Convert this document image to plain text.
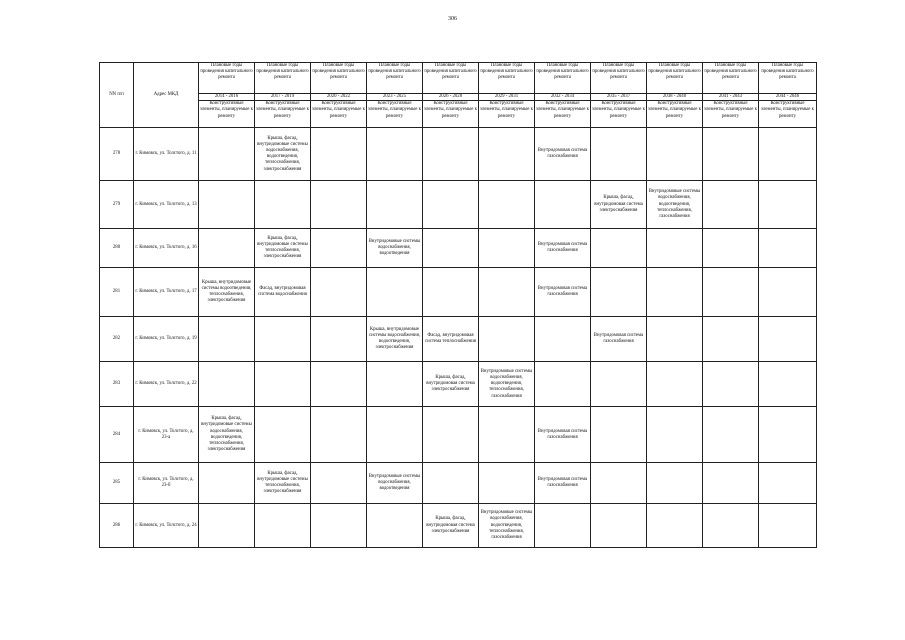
306
NN п/п	Адрес МКД	Плановые годы проведения капитального ремонта	Плановые годы проведения капитального ремонта	Плановые годы проведения капитального ремонта	Плановые годы проведения капитального ремонта	Плановые годы проведения капитального ремонта	Плановые годы проведения капитального ремонта	Плановые годы проведения капитального ремонта	Плановые годы проведения капитального ремонта	Плановые годы проведения капитального ремонта	Плановые годы проведения капитального ремонта	Плановые годы проведения капитального ремонта
		2014 - 2016	2017 - 2019	2020 - 2022	2023 - 2025	2026 - 2028	2029 - 2031	2032 - 2034	2035 - 2037	2038 - 2040	2041 - 2043	2044 - 2046
		Конструктивные элементы, планируемые к ремонту	Конструктивные элементы, планируемые к ремонту	Конструктивные элементы, планируемые к ремонту	Конструктивные элементы, планируемые к ремонту	Конструктивные элементы, планируемые к ремонту	Конструктивные элементы, планируемые к ремонту	Конструктивные элементы, планируемые к ремонту	Конструктивные элементы, планируемые к ремонту	Конструктивные элементы, планируемые к ремонту	Конструктивные элементы, планируемые к ремонту	Конструктивные элементы, планируемые к ремонту
278	г. Кимовск, ул. Толстого, д. 11		Крыша, фасад, внутридомовые системы водоснабжения, водоотведения, теплоснабжения, электроснабжения					Внутридомовая система газоснабжения				
279	г. Кимовск, ул. Толстого, д. 13								Крыша, фасад, внутридомовая система электроснабжения	Внутридомовые системы водоснабжения, водоотведения, теплоснабжения, газоснабжения		
280	г. Кимовск, ул. Толстого, д. 16		Крыша, фасад, внутридомовые системы теплоснабжения, электроснабжения		Внутридомовые системы водоснабжения, водоотведения			Внутридомовая система газоснабжения				
281	г. Кимовск, ул. Толстого, д. 17	Крыша, внутридомовые системы водоотведения, теплоснабжения, электроснабжения	Фасад, внутридомовая система водоснабжения					Внутридомовая система газоснабжения				
282	г. Кимовск, ул. Толстого, д. 19				Крыша, внутридомовые системы водоснабжения, водоотведения, электроснабжения	Фасад, внутридомовая система теплоснабжения			Внутридомовая система газоснабжения			
283	г. Кимовск, ул. Толстого, д. 22					Крыша, фасад, внутридомовая система электроснабжения	Внутридомовые системы водоснабжения, водоотведения, теплоснабжения, газоснабжения					
284	г. Кимовск, ул. Толстого, д. 23-а	Крыша, фасад, внутридомовые системы водоснабжения, водоотведения, теплоснабжения, электроснабжения						Внутридомовая система газоснабжения				
285	г. Кимовск, ул. Толстого, д. 23-б		Крыша, фасад, внутридомовые системы теплоснабжения, электроснабжения		Внутридомовые системы водоснабжения, водоотведения			Внутридомовая система газоснабжения				
286	г. Кимовск, ул. Толстого, д. 24					Крыша, фасад, внутридомовая система электроснабжения	Внутридомовые системы водоснабжения, водоотведения, теплоснабжения, газоснабжения					
